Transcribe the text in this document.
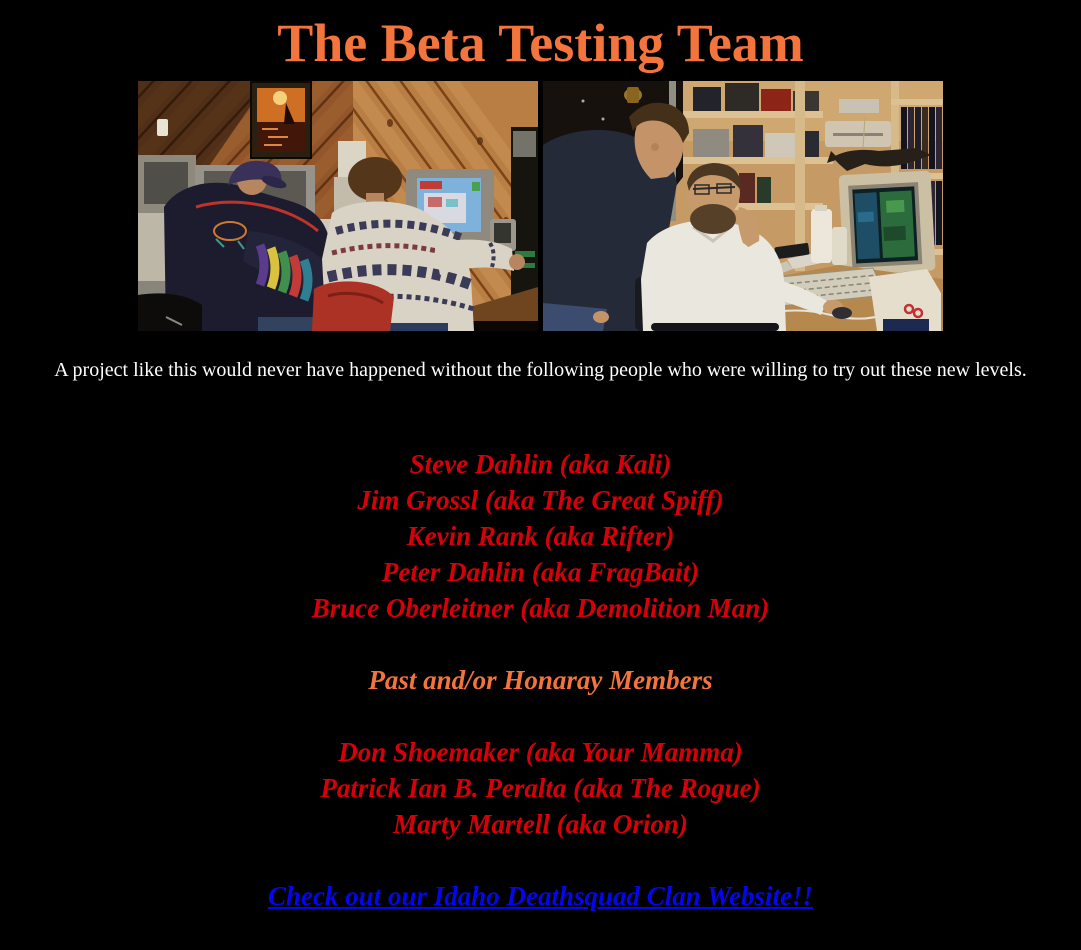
The Beta Testing Team

A project like this would never have happened without the following people who were willing to try out these new levels.

Steve Dahlin (aka Kali)
Jim Grossl (aka The Great Spiff)
Kevin Rank (aka Rifter)
Peter Dahlin (aka FragBait)
Bruce Oberleitner (aka Demolition Man)
Past and/or Honaray Members
Don Shoemaker (aka Your Mamma)
Patrick Ian B. Peralta (aka The Rogue)
Marty Martell (aka Orion)
Check out our Idaho Deathsquad Clan Website!!
